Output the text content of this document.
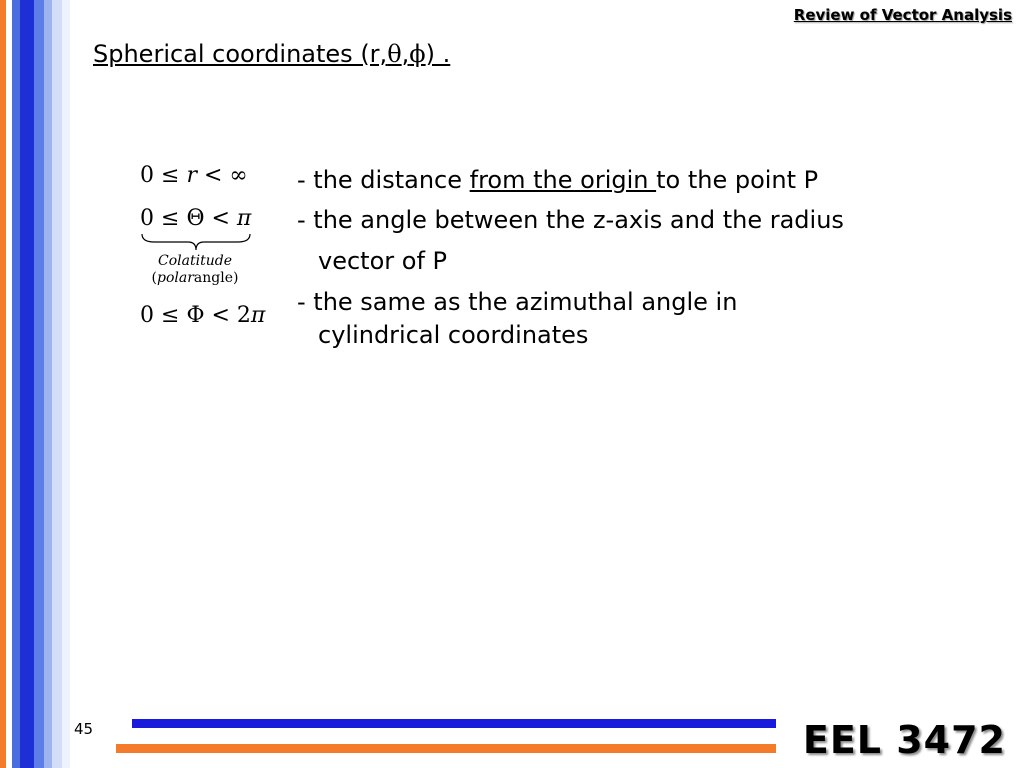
Review of Vector Analysis
Spherical coordinates (r,θ,ϕ) .
0 ≤ r < ∞
0 ≤ Θ < π
Colatitude
(polarangle)
0 ≤ Φ < 2π
- the distance from the origin to the point P
- the angle between the z-axis and the radius
vector of P
- the same as the azimuthal angle in
cylindrical coordinates
45	EEL 3472
